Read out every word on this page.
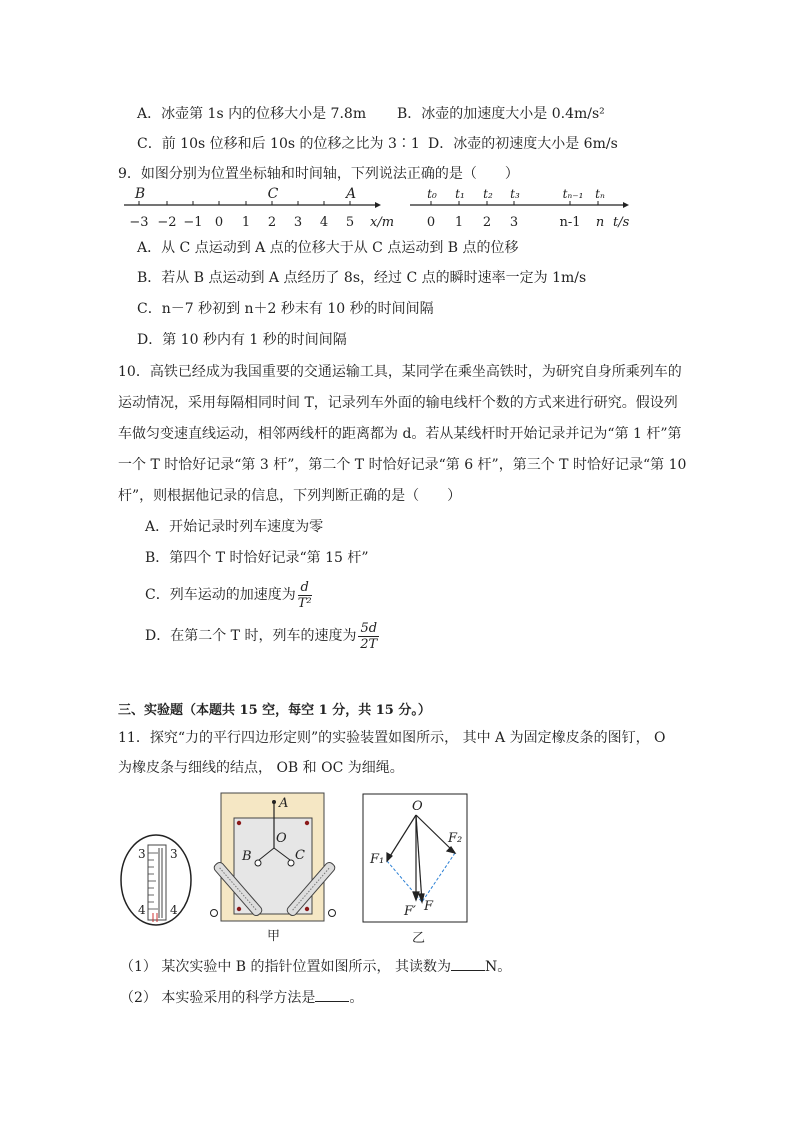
A．冰壶第 1s 内的位移大小是 7.8m B．冰壶的加速度大小是 0.4m/s²
C．前 10s 位移和后 10s 的位移之比为 3∶1 D．冰壶的初速度大小是 6m/s
9．如图分别为位置坐标轴和时间轴，下列说法正确的是（　　）
−3 −2 −1 0 1 2 3 4 5
B	C	A
x/m	0 1 2 3	n-1 n
t₀ t₁ t₂ t₃	tₙ₋₁ tₙ
t/s
A．从 C 点运动到 A 点的位移大于从 C 点运动到 B 点的位移
B．若从 B 点运动到 A 点经历了 8s，经过 C 点的瞬时速率一定为 1m/s
C．n－7 秒初到 n＋2 秒末有 10 秒的时间间隔
D．第 10 秒内有 1 秒的时间间隔
10．高铁已经成为我国重要的交通运输工具，某同学在乘坐高铁时，为研究自身所乘列车的
运动情况，采用每隔相同时间 T，记录列车外面的输电线杆个数的方式来进行研究。假设列
车做匀变速直线运动，相邻两线杆的距离都为 d。若从某线杆时开始记录并记为“第 1 杆”第
一个 T 时恰好记录“第 3 杆”，第二个 T 时恰好记录“第 6 杆”，第三个 T 时恰好记录“第 10
杆”，则根据他记录的信息，下列判断正确的是（　　）
A．开始记录时列车速度为零
B．第四个 T 时恰好记录“第 15 杆”
C．列车运动的加速度为 $\frac{d}{\text{T²}}$
D．在第二个 T 时，列车的速度为 $\frac{5d}{2T}$
三、实验题（本题共 15 空，每空 1 分，共 15 分。）
11．探究“力的平行四边形定则”的实验装置如图所示， 其中 A 为固定橡皮条的图钉， O
为橡皮条与细线的结点， OB 和 OC 为细绳。
3 3
4 4
A
O
B	C
甲
O
F₁
F₂
F′ F
乙
（1） 某次实验中 B 的指针位置如图所示， 其读数为 N。
（2） 本实验采用的科学方法是 。
